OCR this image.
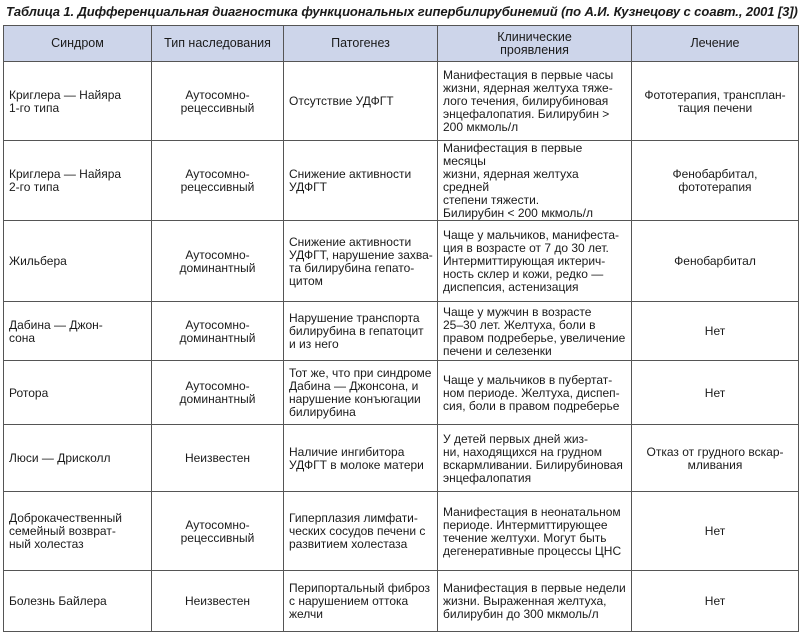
Таблица 1. Дифференциальная диагностика функциональных гипербилирубинемий (по А.И. Кузнецову с соавт., 2001 [3])
Синдром	Тип наследования	Патогенез	Клинические
проявления	Лечение
Криглера — Найяра
1-го типа	Аутосомно-
рецессивный	Отсутствие УДФГТ	Манифестация в первые часы
жизни, ядерная желтуха тяже-
лого течения, билирубиновая
энцефалопатия. Билирубин >
200 мкмоль/л	Фототерапия, трансплан-
тация печени
Криглера — Найяра
2-го типа	Аутосомно-
рецессивный	Снижение активности
УДФГТ	Манифестация в первые месяцы
жизни, ядерная желтуха средней
степени тяжести.
Билирубин < 200 мкмоль/л	Фенобарбитал,
фототерапия
Жильбера	Аутосомно-
доминантный	Снижение активности
УДФГТ, нарушение захва-
та билирубина гепато-
цитом	Чаще у мальчиков, манифеста-
ция в возрасте от 7 до 30 лет.
Интермиттирующая иктерич-
ность склер и кожи, редко —
диспепсия, астенизация	Фенобарбитал
Дабина — Джон-
сона	Аутосомно-
доминантный	Нарушение транспорта
билирубина в гепатоцит
и из него	Чаще у мужчин в возрасте
25–30 лет. Желтуха, боли в
правом подреберье, увеличение
печени и селезенки	Нет
Ротора	Аутосомно-
доминантный	Тот же, что при синдроме
Дабина — Джонсона, и
нарушение конъюгации
билирубина	Чаще у мальчиков в пубертат-
ном периоде. Желтуха, диспеп-
сия, боли в правом подреберье	Нет
Люси — Дрисколл	Неизвестен	Наличие ингибитора
УДФГТ в молоке матери	У детей первых дней жиз-
ни, находящихся на грудном
вскармливании. Билирубиновая
энцефалопатия	Отказ от грудного вскар-
мливания
Доброкачественный
семейный возврат-
ный холестаз	Аутосомно-
рецессивный	Гиперплазия лимфати-
ческих сосудов печени с
развитием холестаза	Манифестация в неонатальном
периоде. Интермиттирующее
течение желтухи. Могут быть
дегенеративные процессы ЦНС	Нет
Болезнь Байлера	Неизвестен	Перипортальный фиброз
с нарушением оттока
желчи	Манифестация в первые недели
жизни. Выраженная желтуха,
билирубин до 300 мкмоль/л	Нет
